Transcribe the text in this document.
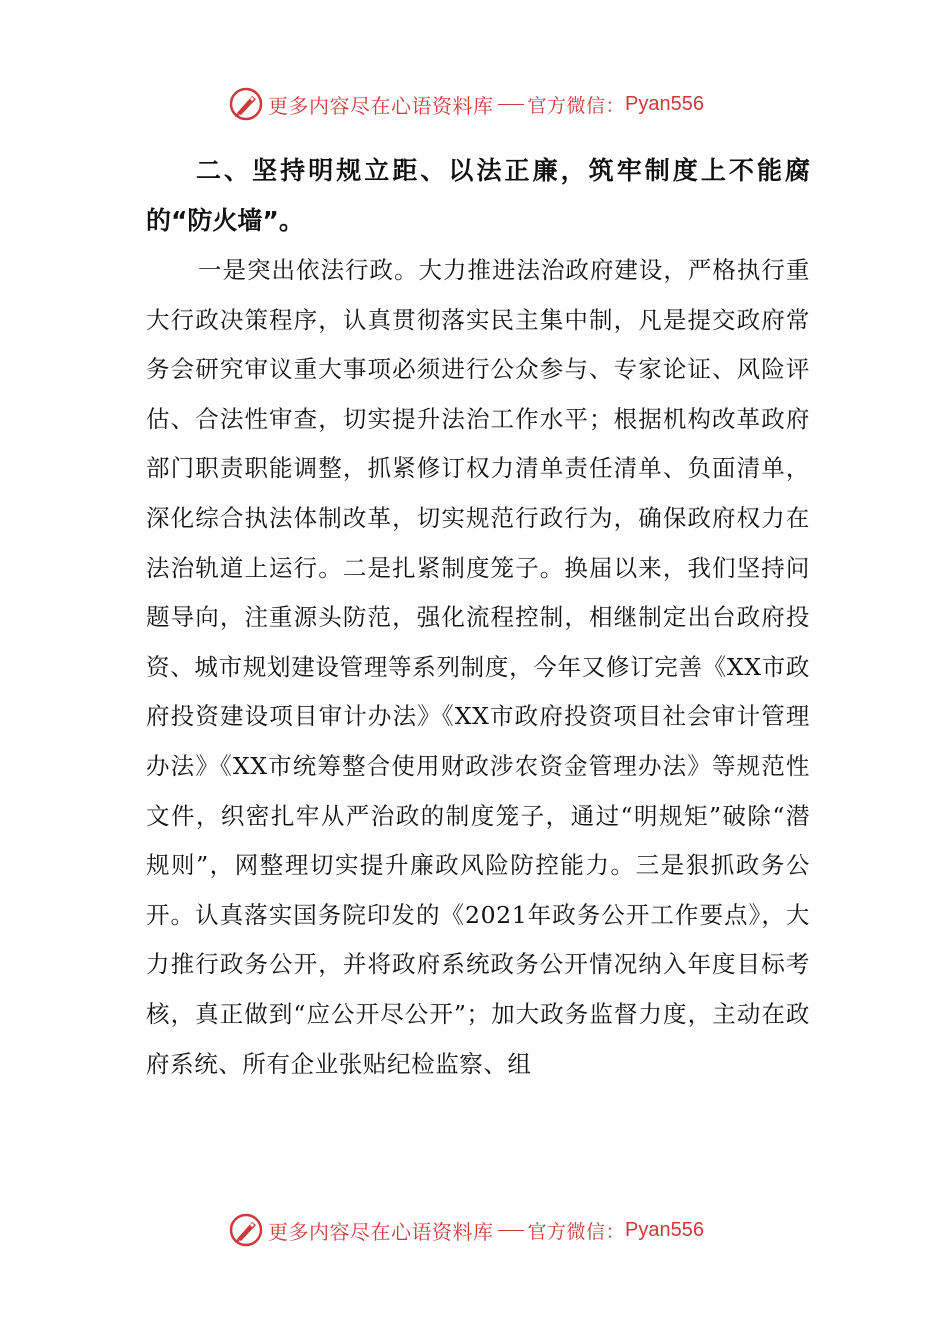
更多内容尽在心语资料库 官方微信： Pyan556

二、坚持明规立距、以法正廉，筑牢制度上不能腐的“防火墙”。

一是突出依法行政。大力推进法治政府建设，严格执行重大行政决策程序，认真贯彻落实民主集中制，凡是提交政府常务会研究审议重大事项必须进行公众参与、专家论证、风险评估、合法性审查，切实提升法治工作水平；根据机构改革政府部门职责职能调整，抓紧修订权力清单责任清单、负面清单，深化综合执法体制改革，切实规范行政行为，确保政府权力在法治轨道上运行。二是扎紧制度笼子。换届以来，我们坚持问题导向，注重源头防范，强化流程控制，相继制定出台政府投资、城市规划建设管理等系列制度，今年又修订完善《XX市政府投资建设项目审计办法》《XX市政府投资项目社会审计管理办法》《XX市统筹整合使用财政涉农资金管理办法》等规范性文件，织密扎牢从严治政的制度笼子，通过“明规矩”破除“潜规则”，网整理切实提升廉政风险防控能力。三是狠抓政务公开。认真落实国务院印发的《2021年政务公开工作要点》，大力推行政务公开，并将政府系统政务公开情况纳入年度目标考核，真正做到“应公开尽公开”；加大政务监督力度，主动在政府系统、所有企业张贴纪检监察、组

更多内容尽在心语资料库 官方微信： Pyan556
